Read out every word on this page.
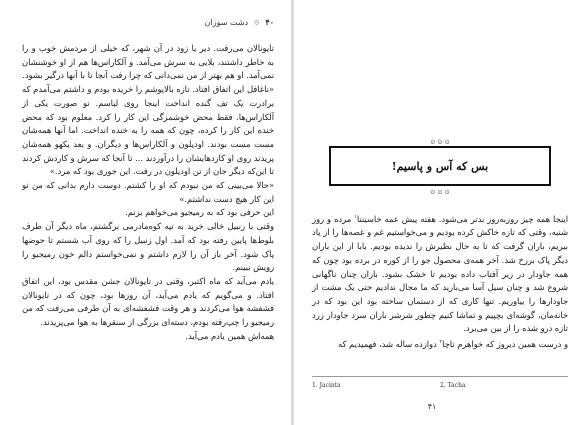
۴۰
۞
دشت سوزان

تایونالان می‌رفت. دیر یا زود در آن شهر، که خیلی از مردمش خوب و را به خاطر داشتند، بلایی به سرش می‌آمد. و آلکاراس‌ها هم از او خوشنشان نمی‌آمد. او هم بهتر از من نمی‌دانی که چرا رفت آنجا تا با آنها درگیر بشود.

«ناغافل این اتفاق افتاد. تازه بالاپوشم را خریده بودم و داشتم می‌آمدم که برادرت یک تف گنده انداخت اینجا روی لباسم. تو صورت یکی از آلکاراس‌ها. فقط محض خوشمزگی این کار را کرد. معلوم بود که محض خنده این کار را کرده، چون که همه را به خنده انداخت. اما آنها همه‌شان مست مست بودند. اودیلون و آلکاراس‌ها و دیگران. و بعد یکهو همه‌شان پریدند روی او کاردهایشان را درآوردند ... تا آنجا که سرش و کاردش کردند تا این‌که دیگر جان از تن اودیلون در رفت. این جوری بود که مرد.»

«حالا می‌بینی که من نبودم که او را کشتم. دوست دارم بدانی که من تو این کار هیچ دست نداشتم.»

این حرفی بود که به رمیجیو می‌خواهم بزنم.

وقتی با زنبیل خالی خرید به تپه کوه‌مادرمی برگشتم، ماه دیگر آن طرف بلوط‌ها پایین رفته بود که آمد. اول زنبیل را که روی آب شستم تا حوضها پاک شود. آخر باز آن را لازم داشتم و نمی‌خواستم دالم خون رمیجیو را رویش ببینم.

یادم می‌آید که ماه اکتبر، وقتی در تایونالان جشن مقدس بود، این اتفاق افتاد. و می‌گویم که یادم می‌آید، آن روزها بود، چون که در تایونالان فشفشه هوا می‌کردند و هر وقت فشفشه‌ای به آن طرفی می‌رفت که من رمیجیو را چپ‌رفته بودم، دسته‌ای بزرگی از سنقرها به هوا می‌پریدند.

همه‌اش همین یادم می‌آید.

۞ ۞ ۞
بس که آس و پاسیم!
۞ ۞ ۞

اینجا همه چیز روزبه‌روز بدتر می‌شود. هفته پیش عمه خاسینتا$^۱$ مرده و روز شنبه، وقتی که تازه خاکش کرده بودیم و می‌خواستیم غم و غصه‌ها را از یاد ببریم، باران گرفت که تا به حال نظیرش را ندیده بودیم. بابا از این باران دیگر پاک برزخ شد. آخر همه‌ی محصول جو را از کوره در برده بود چون که همه جاودار در زیر آفتاب داده بودیم تا خشک بشود. باران چنان ناگهانی شروع شد و چنان سیل آسا می‌بارید که ما مجال ندادیم حتی یک مشت از جاودارها را بیاوریم. تنها کاری که از دستمان ساخته بود این بود که در خانه‌مان، گوشه‌ای بچپیم و تماشا کنیم چطور شرشر باران سرد جاودار زرد تازه درو شده را از بین می‌برد.

و درست همین دیروز که خواهرم تاچا$^۲$ دوازده ساله شد، فهمیدیم که

1. Jacinta	2. Tacha
۴۱
